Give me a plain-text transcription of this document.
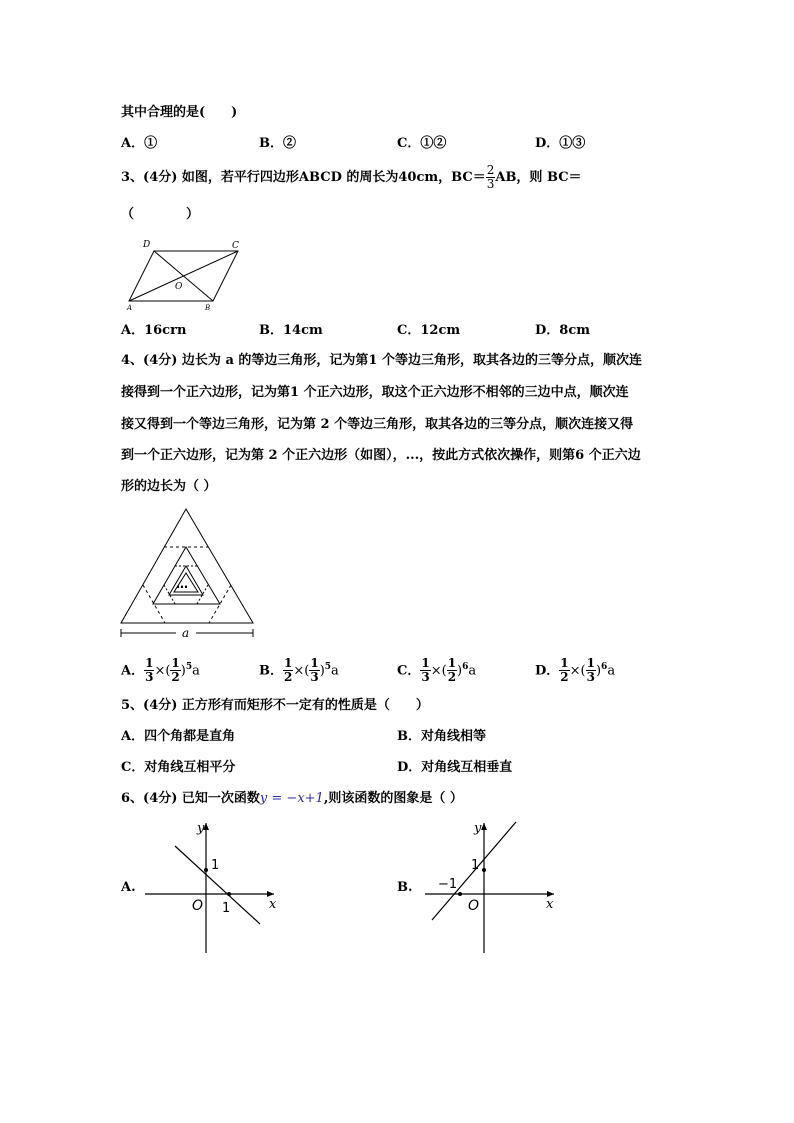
其中合理的是(　　)
A．①	B．②	C．①②	D．①③
3、(4分) 如图，若平行四边形ABCD 的周长为40cm，$BC= \frac{2}{3}$ AB，则 BC＝
（　　　　）
D	C
O
A	B
A．16crn	B．14cm	C．12cm	D．8cm
4、(4分) 边长为 a 的等边三角形，记为第1 个等边三角形，取其各边的三等分点，顺次连
接得到一个正六边形，记为第1 个正六边形，取这个正六边形不相邻的三边中点，顺次连
接又得到一个等边三角形，记为第 2 个等边三角形，取其各边的三等分点，顺次连接又得
到一个正六边形，记为第 2 个正六边形（如图），...，按此方式依次操作，则第6 个正六边
形的边长为（ ）
…
a
A． $\frac{1}{3}$ ×( $\frac{1}{2} )^5a$	B． $\frac{1}{2}$ ×( $\frac{1}{3} )^5a$	C． $\frac{1}{3}$ ×( $\frac{1}{2} )^6a$	D． $\frac{1}{2}$ ×( $\frac{1}{3} )^6a$
5、(4分) 正方形有而矩形不一定有的性质是（　　）
A．四个角都是直角	B．对角线相等
C．对角线互相平分	D．对角线互相垂直
6、(4分) 已知一次函数y = −x+1,则该函数的图象是（ ）
A.
y
x
O
1
1
B.
y
x
O
1
−1
